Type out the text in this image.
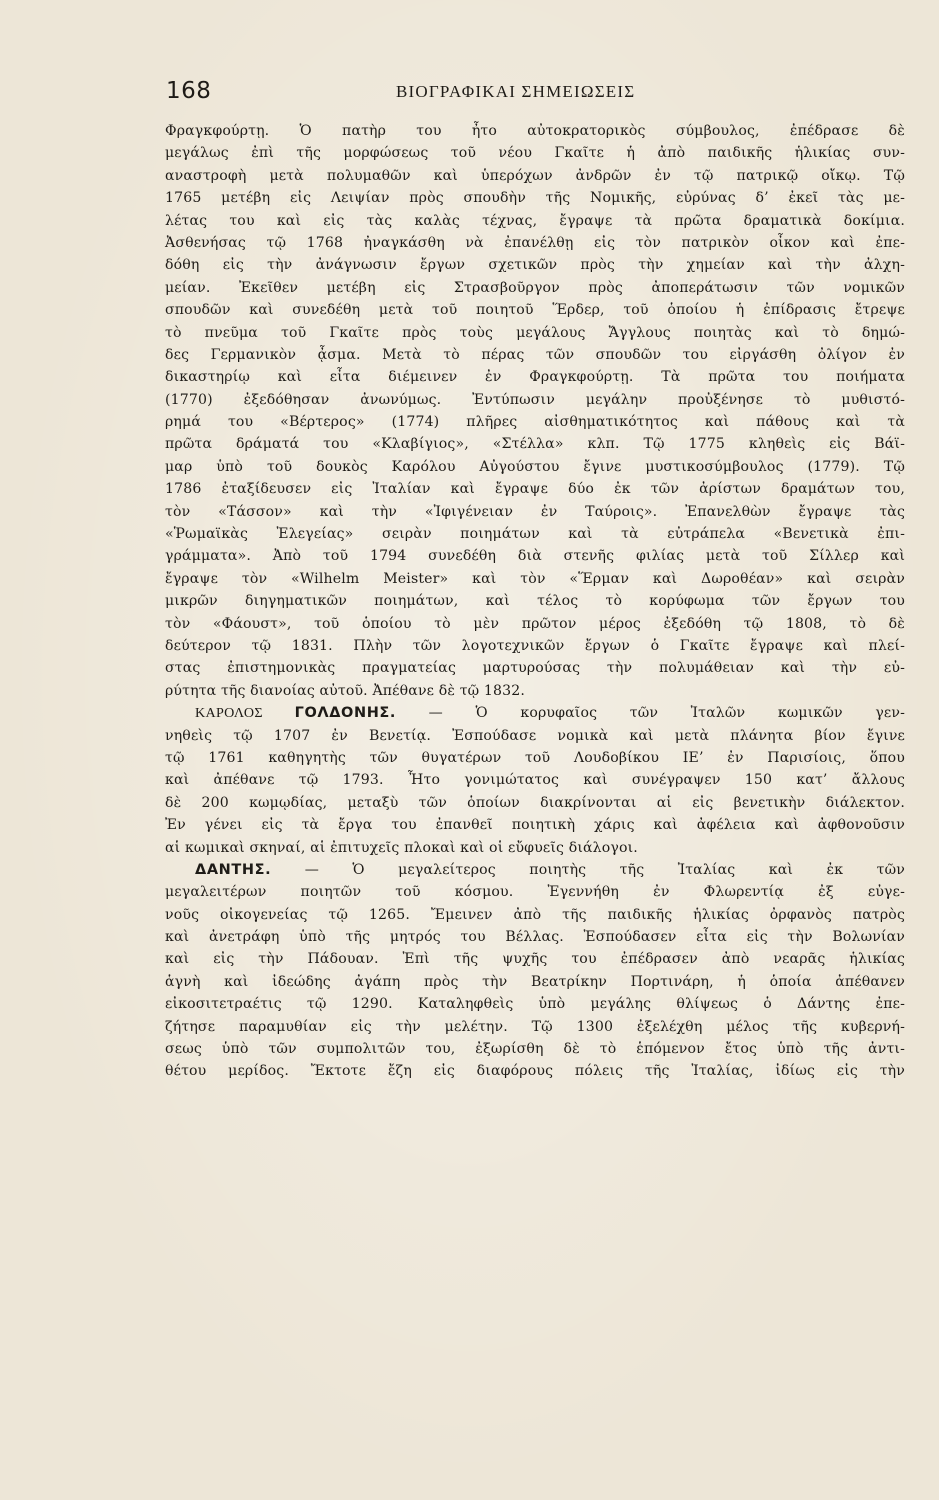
168	ΒΙΟΓΡΑΦΙΚΑΙ ΣΗΜΕΙΩΣΕΙΣ
Φραγκφούρτῃ. Ὁ πατὴρ του ἦτο αὐτοκρατορικὸς σύμβουλος, ἐπέδρασε δὲ
μεγάλως ἐπὶ τῆς μορφώσεως τοῦ νέου Γκαῖτε ἡ ἀπὸ παιδικῆς ἡλικίας συν-
αναστροφὴ μετὰ πολυμαθῶν καὶ ὑπερόχων ἀνδρῶν ἐν τῷ πατρικῷ οἴκῳ. Τῷ
1765 μετέβη εἰς Λειψίαν πρὸς σπουδὴν τῆς Νομικῆς, εὐρύνας δ’ ἐκεῖ τὰς με-
λέτας του καὶ εἰς τὰς καλὰς τέχνας, ἔγραψε τὰ πρῶτα δραματικὰ δοκίμια.
Ἀσθενήσας τῷ 1768 ἠναγκάσθη νὰ ἐπανέλθῃ εἰς τὸν πατρικὸν οἶκον καὶ ἐπε-
δόθη εἰς τὴν ἀνάγνωσιν ἔργων σχετικῶν πρὸς τὴν χημείαν καὶ τὴν ἀλχη-
μείαν. Ἐκεῖθεν μετέβη εἰς Στρασβοῦργον πρὸς ἀποπεράτωσιν τῶν νομικῶν
σπουδῶν καὶ συνεδέθη μετὰ τοῦ ποιητοῦ Ἕρδερ, τοῦ ὁποίου ἡ ἐπίδρασις ἔτρεψε
τὸ πνεῦμα τοῦ Γκαῖτε πρὸς τοὺς μεγάλους Ἄγγλους ποιητὰς καὶ τὸ δημώ-
δες Γερμανικὸν ᾆσμα. Μετὰ τὸ πέρας τῶν σπουδῶν του εἰργάσθη ὀλίγον ἐν
δικαστηρίῳ καὶ εἶτα διέμεινεν ἐν Φραγκφούρτῃ. Τὰ πρῶτα του ποιήματα
(1770) ἐξεδόθησαν ἀνωνύμως. Ἐντύπωσιν μεγάλην προὐξένησε τὸ μυθιστό-
ρημά του «Βέρτερος» (1774) πλῆρες αἰσθηματικότητος καὶ πάθους καὶ τὰ
πρῶτα δράματά του «Κλαβίγιος», «Στέλλα» κλπ. Τῷ 1775 κληθεὶς εἰς Βάϊ-
μαρ ὑπὸ τοῦ δουκὸς Καρόλου Αὐγούστου ἔγινε μυστικοσύμβουλος (1779). Τῷ
1786 ἐταξίδευσεν εἰς Ἰταλίαν καὶ ἔγραψε δύο ἐκ τῶν ἀρίστων δραμάτων του,
τὸν «Τάσσον» καὶ τὴν «Ἰφιγένειαν ἐν Ταύροις». Ἐπανελθὼν ἔγραψε τὰς
«Ῥωμαϊκὰς Ἐλεγείας» σειρὰν ποιημάτων καὶ τὰ εὐτράπελα «Βενετικὰ ἐπι-
γράμματα». Ἀπὸ τοῦ 1794 συνεδέθη διὰ στενῆς φιλίας μετὰ τοῦ Σίλλερ καὶ
ἔγραψε τὸν «Wilhelm Meister» καὶ τὸν «Ἕρμαν καὶ Δωροθέαν» καὶ σειρὰν
μικρῶν διηγηματικῶν ποιημάτων, καὶ τέλος τὸ κορύφωμα τῶν ἔργων του
τὸν «Φάουστ», τοῦ ὁποίου τὸ μὲν πρῶτον μέρος ἐξεδόθη τῷ 1808, τὸ δὲ
δεύτερον τῷ 1831. Πλὴν τῶν λογοτεχνικῶν ἔργων ὁ Γκαῖτε ἔγραψε καὶ πλεί-
στας ἐπιστημονικὰς πραγματείας μαρτυρούσας τὴν πολυμάθειαν καὶ τὴν εὐ-
ρύτητα τῆς διανοίας αὐτοῦ. Ἀπέθανε δὲ τῷ 1832.
ΚΑΡΟΛΟΣ ΓΟΛΔΟΝΗΣ. — Ὁ κορυφαῖος τῶν Ἰταλῶν κωμικῶν γεν-
νηθεὶς τῷ 1707 ἐν Βενετίᾳ. Ἐσπούδασε νομικὰ καὶ μετὰ πλάνητα βίον ἔγινε
τῷ 1761 καθηγητὴς τῶν θυγατέρων τοῦ Λουδοβίκου ΙΕ’ ἐν Παρισίοις, ὅπου
καὶ ἀπέθανε τῷ 1793. Ἦτο γονιμώτατος καὶ συνέγραψεν 150 κατ’ ἄλλους
δὲ 200 κωμῳδίας, μεταξὺ τῶν ὁποίων διακρίνονται αἱ εἰς βενετικὴν διάλεκτον.
Ἐν γένει εἰς τὰ ἔργα του ἐπανθεῖ ποιητικὴ χάρις καὶ ἀφέλεια καὶ ἀφθονοῦσιν
αἱ κωμικαὶ σκηναί, αἱ ἐπιτυχεῖς πλοκαὶ καὶ οἱ εὔφυεῖς διάλογοι.
ΔΑΝΤΗΣ. — Ὁ μεγαλείτερος ποιητὴς τῆς Ἰταλίας καὶ ἐκ τῶν
μεγαλειτέρων ποιητῶν τοῦ κόσμου. Ἐγεννήθη ἐν Φλωρεντίᾳ ἐξ εὐγε-
νοῦς οἰκογενείας τῷ 1265. Ἔμεινεν ἀπὸ τῆς παιδικῆς ἡλικίας ὀρφανὸς πατρὸς
καὶ ἀνετράφη ὑπὸ τῆς μητρός του Βέλλας. Ἐσπούδασεν εἶτα εἰς τὴν Βολωνίαν
καὶ εἰς τὴν Πάδουαν. Ἐπὶ τῆς ψυχῆς του ἐπέδρασεν ἀπὸ νεαρᾶς ἡλικίας
ἁγνὴ καὶ ἰδεώδης ἀγάπη πρὸς τὴν Βεατρίκην Πορτινάρη, ἡ ὁποία ἀπέθανεν
εἰκοσιτετραέτις τῷ 1290. Καταληφθεὶς ὑπὸ μεγάλης θλίψεως ὁ Δάντης ἐπε-
ζήτησε παραμυθίαν εἰς τὴν μελέτην. Τῷ 1300 ἐξελέχθη μέλος τῆς κυβερνή-
σεως ὑπὸ τῶν συμπολιτῶν του, ἐξωρίσθη δὲ τὸ ἑπόμενον ἔτος ὑπὸ τῆς ἀντι-
θέτου μερίδος. Ἔκτοτε ἔζη εἰς διαφόρους πόλεις τῆς Ἰταλίας, ἰδίως εἰς τὴν
